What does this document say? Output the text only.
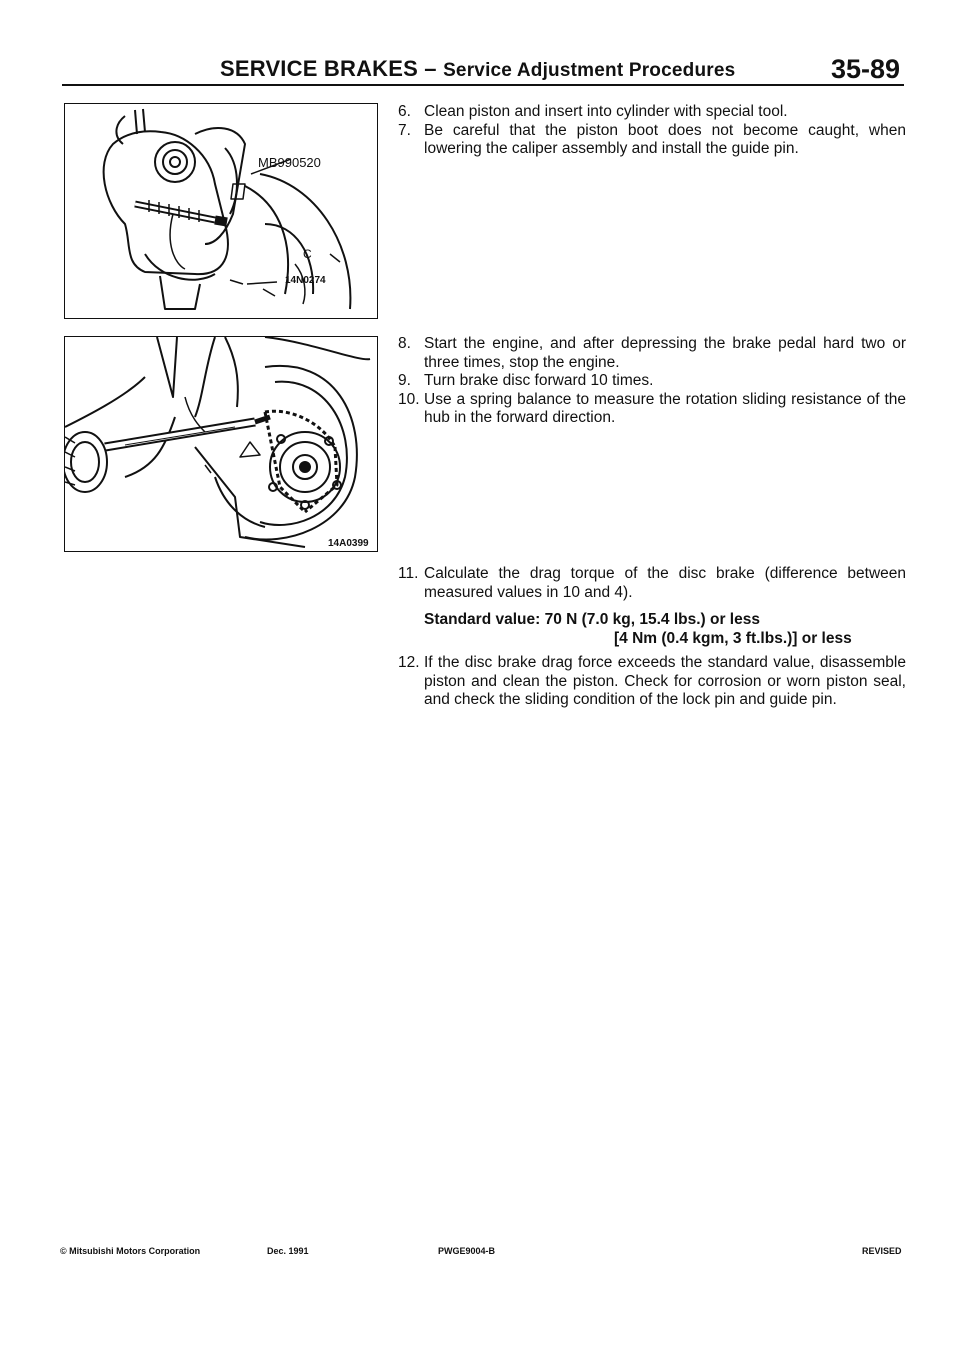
SERVICE BRAKES – Service Adjustment Procedures	35-89
C
MB990520
14N0274
14A0399

6. Clean piston and insert into cylinder with special tool.

7. Be careful that the piston boot does not become caught, when lowering the caliper assembly and install the guide pin.

8. Start the engine, and after depressing the brake pedal hard two or three times, stop the engine.

9. Turn brake disc forward 10 times.

10. Use a spring balance to measure the rotation sliding resistance of the hub in the forward direction.

11. Calculate the drag torque of the disc brake (difference between measured values in 10 and 4).

Standard value: 70 N (7.0 kg, 15.4 lbs.) or less
[4 Nm (0.4 kgm, 3 ft.lbs.)] or less

12. If the disc brake drag force exceeds the standard value, disassemble piston and clean the piston. Check for corrosion or worn piston seal, and check the sliding condition of the lock pin and guide pin.

© Mitsubishi Motors Corporation	Dec. 1991	PWGE9004-B	REVISED
